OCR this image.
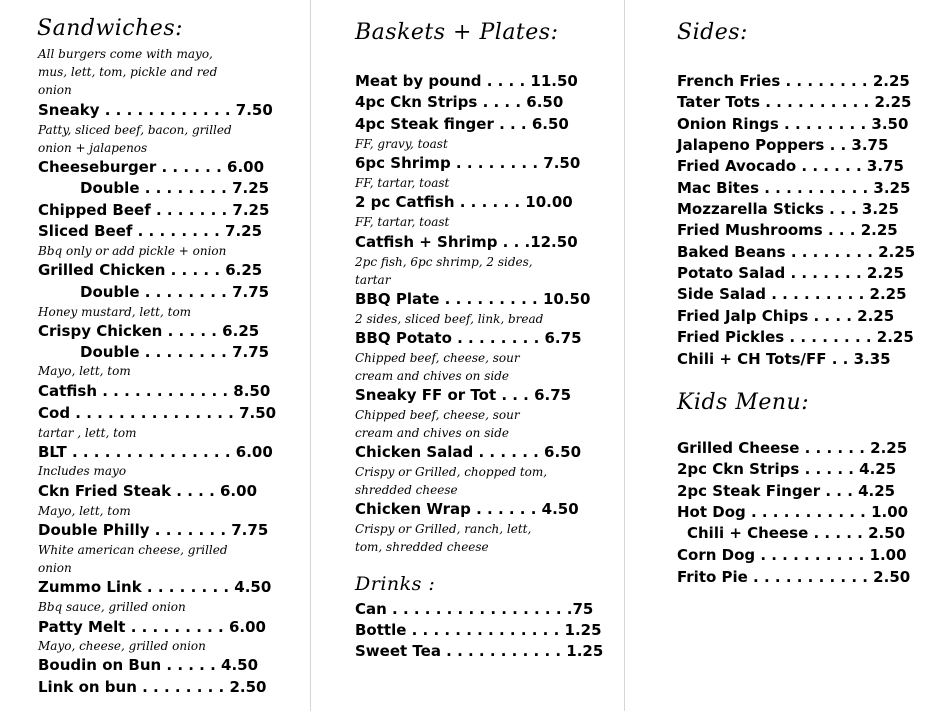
Sandwiches:
All burgers come with mayo,
mus, lett, tom, pickle and red
onion
Sneaky . . . . . . . . . . . . 7.50
Patty, sliced beef, bacon, grilled
onion + jalapenos
Cheeseburger . . . . . . 6.00
Double . . . . . . . . 7.25
Chipped Beef . . . . . . . 7.25
Sliced Beef . . . . . . . . 7.25
Bbq only or add pickle + onion
Grilled Chicken . . . . . 6.25
Double . . . . . . . . 7.75
Honey mustard, lett, tom
Crispy Chicken . . . . . 6.25
Double . . . . . . . . 7.75
Mayo, lett, tom
Catfish . . . . . . . . . . . . 8.50
Cod . . . . . . . . . . . . . . . 7.50
tartar , lett, tom
BLT . . . . . . . . . . . . . . . 6.00
Includes mayo
Ckn Fried Steak . . . . 6.00
Mayo, lett, tom
Double Philly . . . . . . . 7.75
White american cheese, grilled
onion
Zummo Link . . . . . . . . 4.50
Bbq sauce, grilled onion
Patty Melt . . . . . . . . . 6.00
Mayo, cheese, grilled onion
Boudin on Bun . . . . . 4.50
Link on bun . . . . . . . . 2.50
Baskets + Plates:
Meat by pound . . . . 11.50
4pc Ckn Strips . . . . 6.50
4pc Steak finger . . . 6.50
FF, gravy, toast
6pc Shrimp . . . . . . . . 7.50
FF, tartar, toast
2 pc Catfish . . . . . . 10.00
FF, tartar, toast
Catfish + Shrimp . . .12.50
2pc fish, 6pc shrimp, 2 sides,
tartar
BBQ Plate . . . . . . . . . 10.50
2 sides, sliced beef, link, bread
BBQ Potato . . . . . . . . 6.75
Chipped beef, cheese, sour
cream and chives on side
Sneaky FF or Tot . . . 6.75
Chipped beef, cheese, sour
cream and chives on side
Chicken Salad . . . . . . 6.50
Crispy or Grilled, chopped tom,
shredded cheese
Chicken Wrap . . . . . . 4.50
Crispy or Grilled, ranch, lett,
tom, shredded cheese
Drinks :
Can . . . . . . . . . . . . . . . . .75
Bottle . . . . . . . . . . . . . . 1.25
Sweet Tea . . . . . . . . . . . 1.25
Sides:
French Fries . . . . . . . . 2.25
Tater Tots . . . . . . . . . . 2.25
Onion Rings . . . . . . . . 3.50
Jalapeno Poppers . . 3.75
Fried Avocado . . . . . . 3.75
Mac Bites . . . . . . . . . . 3.25
Mozzarella Sticks . . . 3.25
Fried Mushrooms . . . 2.25
Baked Beans . . . . . . . . 2.25
Potato Salad . . . . . . . 2.25
Side Salad . . . . . . . . . 2.25
Fried Jalp Chips . . . . 2.25
Fried Pickles . . . . . . . . 2.25
Chili + CH Tots/FF . . 3.35
Kids Menu:
Grilled Cheese . . . . . . 2.25
2pc Ckn Strips . . . . . 4.25
2pc Steak Finger . . . 4.25
Hot Dog . . . . . . . . . . . 1.00
Chili + Cheese . . . . . 2.50
Corn Dog . . . . . . . . . . 1.00
Frito Pie . . . . . . . . . . . 2.50
